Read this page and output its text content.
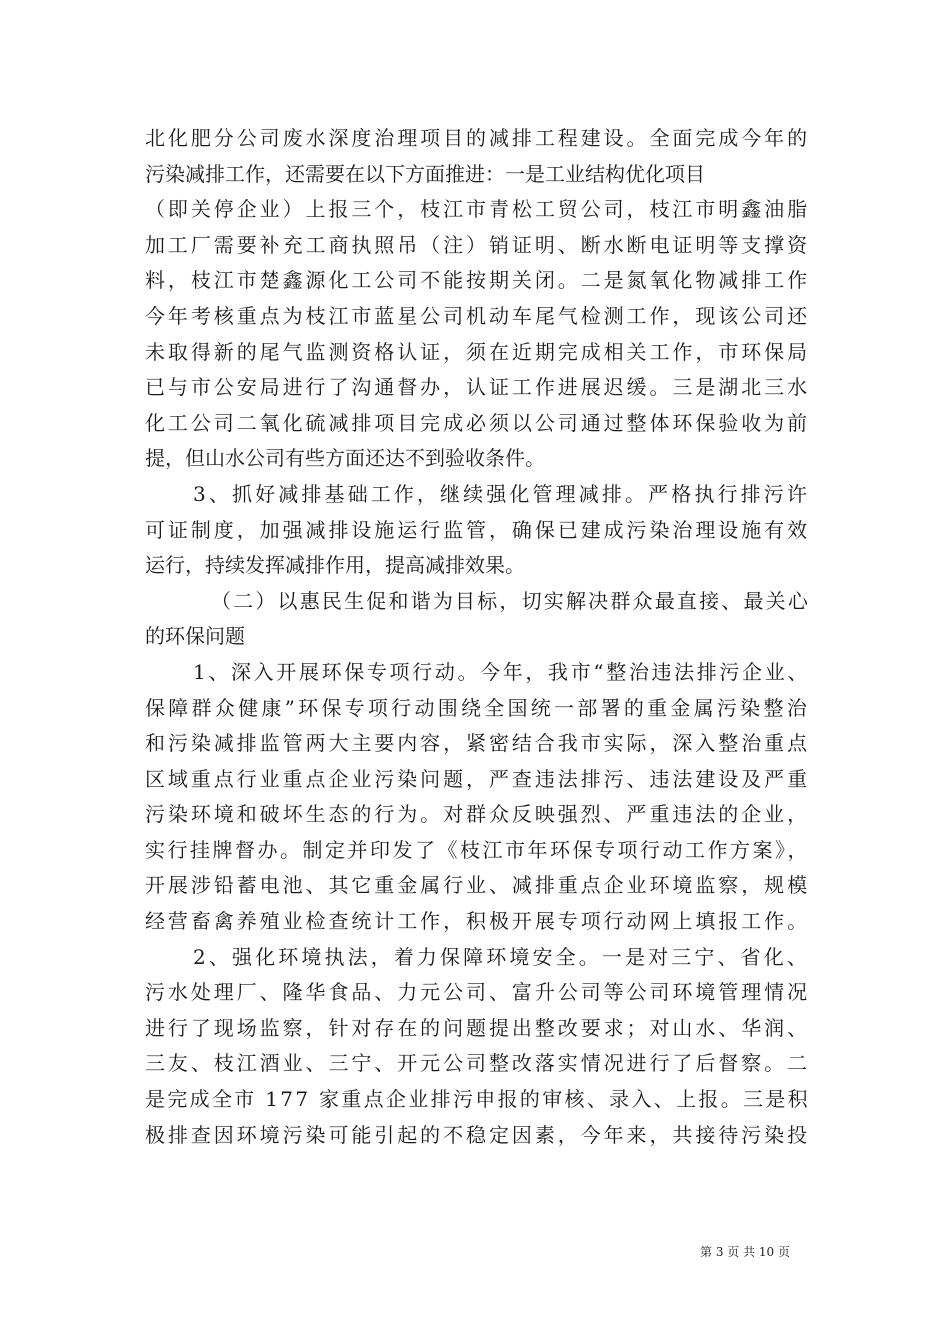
北化肥分公司废水深度治理项目的减排工程建设。全面完成今年的
污染减排工作，还需要在以下方面推进：一是工业结构优化项目
（即关停企业）上报三个，枝江市青松工贸公司，枝江市明鑫油脂
加工厂需要补充工商执照吊（注）销证明、断水断电证明等支撑资
料，枝江市楚鑫源化工公司不能按期关闭。二是氮氧化物减排工作
今年考核重点为枝江市蓝星公司机动车尾气检测工作，现该公司还
未取得新的尾气监测资格认证，须在近期完成相关工作，市环保局
已与市公安局进行了沟通督办，认证工作进展迟缓。三是湖北三水
化工公司二氧化硫减排项目完成必须以公司通过整体环保验收为前
提，但山水公司有些方面还达不到验收条件。
3、抓好减排基础工作，继续强化管理减排。严格执行排污许
可证制度，加强减排设施运行监管，确保已建成污染治理设施有效
运行，持续发挥减排作用，提高减排效果。
（二）以惠民生促和谐为目标，切实解决群众最直接、最关心
的环保问题
1、深入开展环保专项行动。今年，我市“整治违法排污企业、
保障群众健康”环保专项行动围绕全国统一部署的重金属污染整治
和污染减排监管两大主要内容，紧密结合我市实际，深入整治重点
区域重点行业重点企业污染问题，严查违法排污、违法建设及严重
污染环境和破坏生态的行为。对群众反映强烈、严重违法的企业，
实行挂牌督办。制定并印发了《枝江市年环保专项行动工作方案》，
开展涉铅蓄电池、其它重金属行业、减排重点企业环境监察，规模
经营畜禽养殖业检查统计工作，积极开展专项行动网上填报工作。
2、强化环境执法，着力保障环境安全。一是对三宁、省化、
污水处理厂、隆华食品、力元公司、富升公司等公司环境管理情况
进行了现场监察，针对存在的问题提出整改要求；对山水、华润、
三友、枝江酒业、三宁、开元公司整改落实情况进行了后督察。二
是完成全市 177 家重点企业排污申报的审核、录入、上报。三是积
极排查因环境污染可能引起的不稳定因素，今年来，共接待污染投
第 3 页 共 10 页
